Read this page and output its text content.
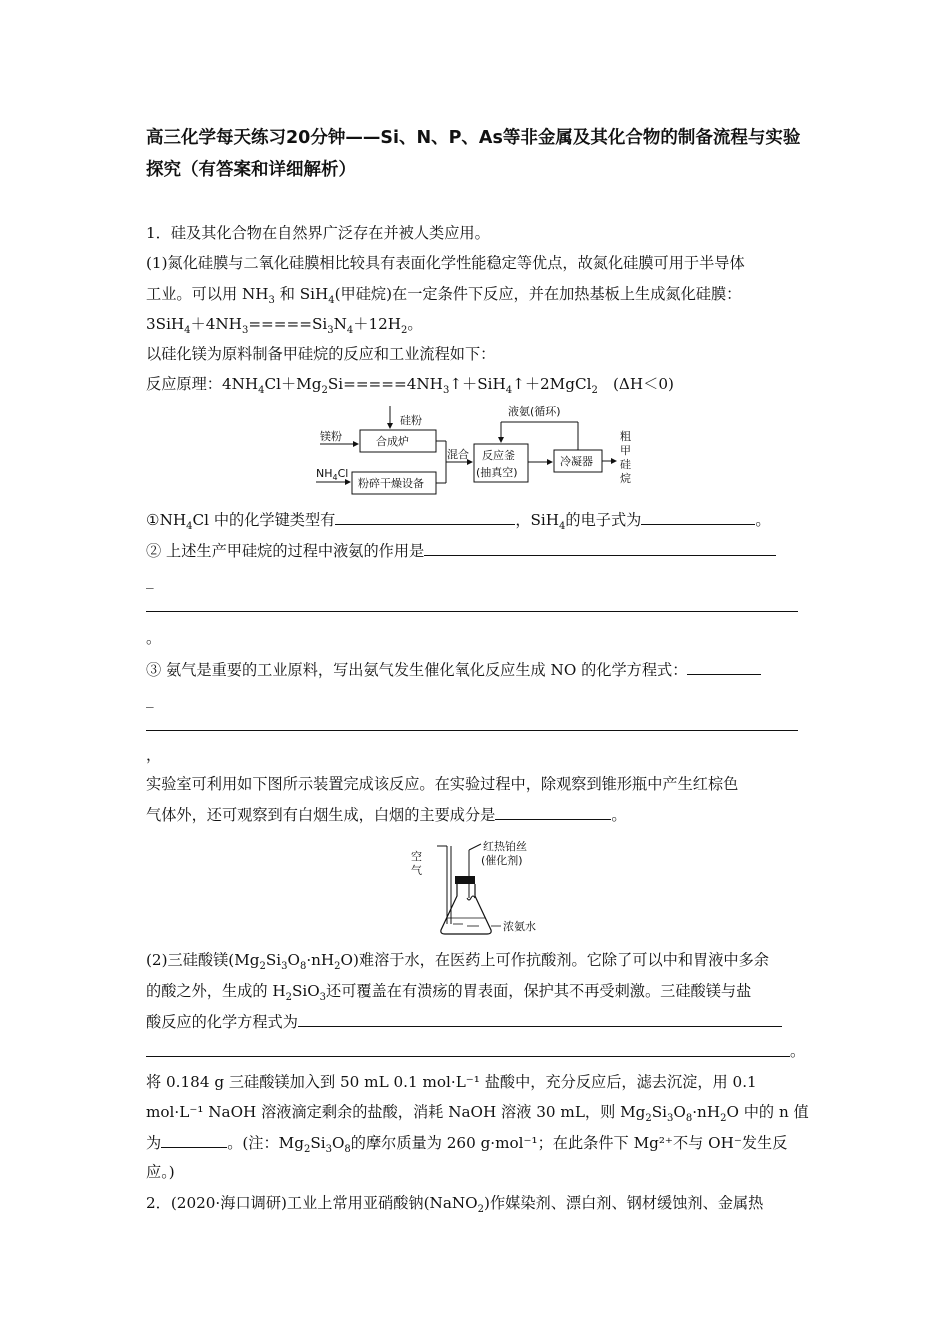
高三化学每天练习20分钟——Si、N、P、As等非金属及其化合物的制备流程与实验探究（有答案和详细解析）
1．硅及其化合物在自然界广泛存在并被人类应用。
(1)氮化硅膜与二氧化硅膜相比较具有表面化学性能稳定等优点，故氮化硅膜可用于半导体
工业。可以用 $NH_3$ 和 SiH$_4$(甲硅烷)在一定条件下反应，并在加热基板上生成氮化硅膜：
$3SiH_4+4NH_3=====Si_3N_4+12H_2$。
以硅化镁为原料制备甲硅烷的反应和工业流程如下：
反应原理：$4NH_4Cl+Mg_2Si=====4NH_3↑+SiH_4↑+2MgCl_2$　(ΔH＜0)
镁粉
硅粉
合成炉
$NH_4Cl$
粉碎干燥设备
混合 反应釜
(抽真空)
冷凝器
液氨(循环)
粗
甲
硅
烷
$①NH_4Cl$ 中的化学键类型有	，SiH$_4$的电子式为	。
② 上述生产甲硅烷的过程中液氨的作用是
_
。
③ 氨气是重要的工业原料，写出氨气发生催化氧化反应生成 NO 的化学方程式：
_
，
实验室可利用如下图所示装置完成该反应。在实验过程中，除观察到锥形瓶中产生红棕色
气体外，还可观察到有白烟生成，白烟的主要成分是	。
空
气
红热铂丝
(催化剂)
浓氨水
(2)三硅酸镁$(Mg_2Si_3O_8\cdot nH_2O)$难溶于水，在医药上可作抗酸剂。它除了可以中和胃液中多余
的酸之外，生成的 $H_2SiO_3$还可覆盖在有溃疡的胃表面，保护其不再受刺激。三硅酸镁与盐
酸反应的化学方程式为
。
将 0.184 g 三硅酸镁加入到 50 mL 0.1 mol·L⁻¹ 盐酸中，充分反应后，滤去沉淀，用 0.1
mol·L⁻¹ NaOH 溶液滴定剩余的盐酸，消耗 NaOH 溶液 30 mL，则 $Mg_2Si_3O_8\cdot nH_2O$ 中的 n 值
为	。(注：$Mg_2Si_3O_8$的摩尔质量为 260 g·mol⁻¹；在此条件下 Mg²⁺不与 OH⁻发生反
应。)
2．(2020·海口调研)工业上常用亚硝酸钠(NaNO$_2$)作媒染剂、漂白剂、钢材缓蚀剂、金属热
